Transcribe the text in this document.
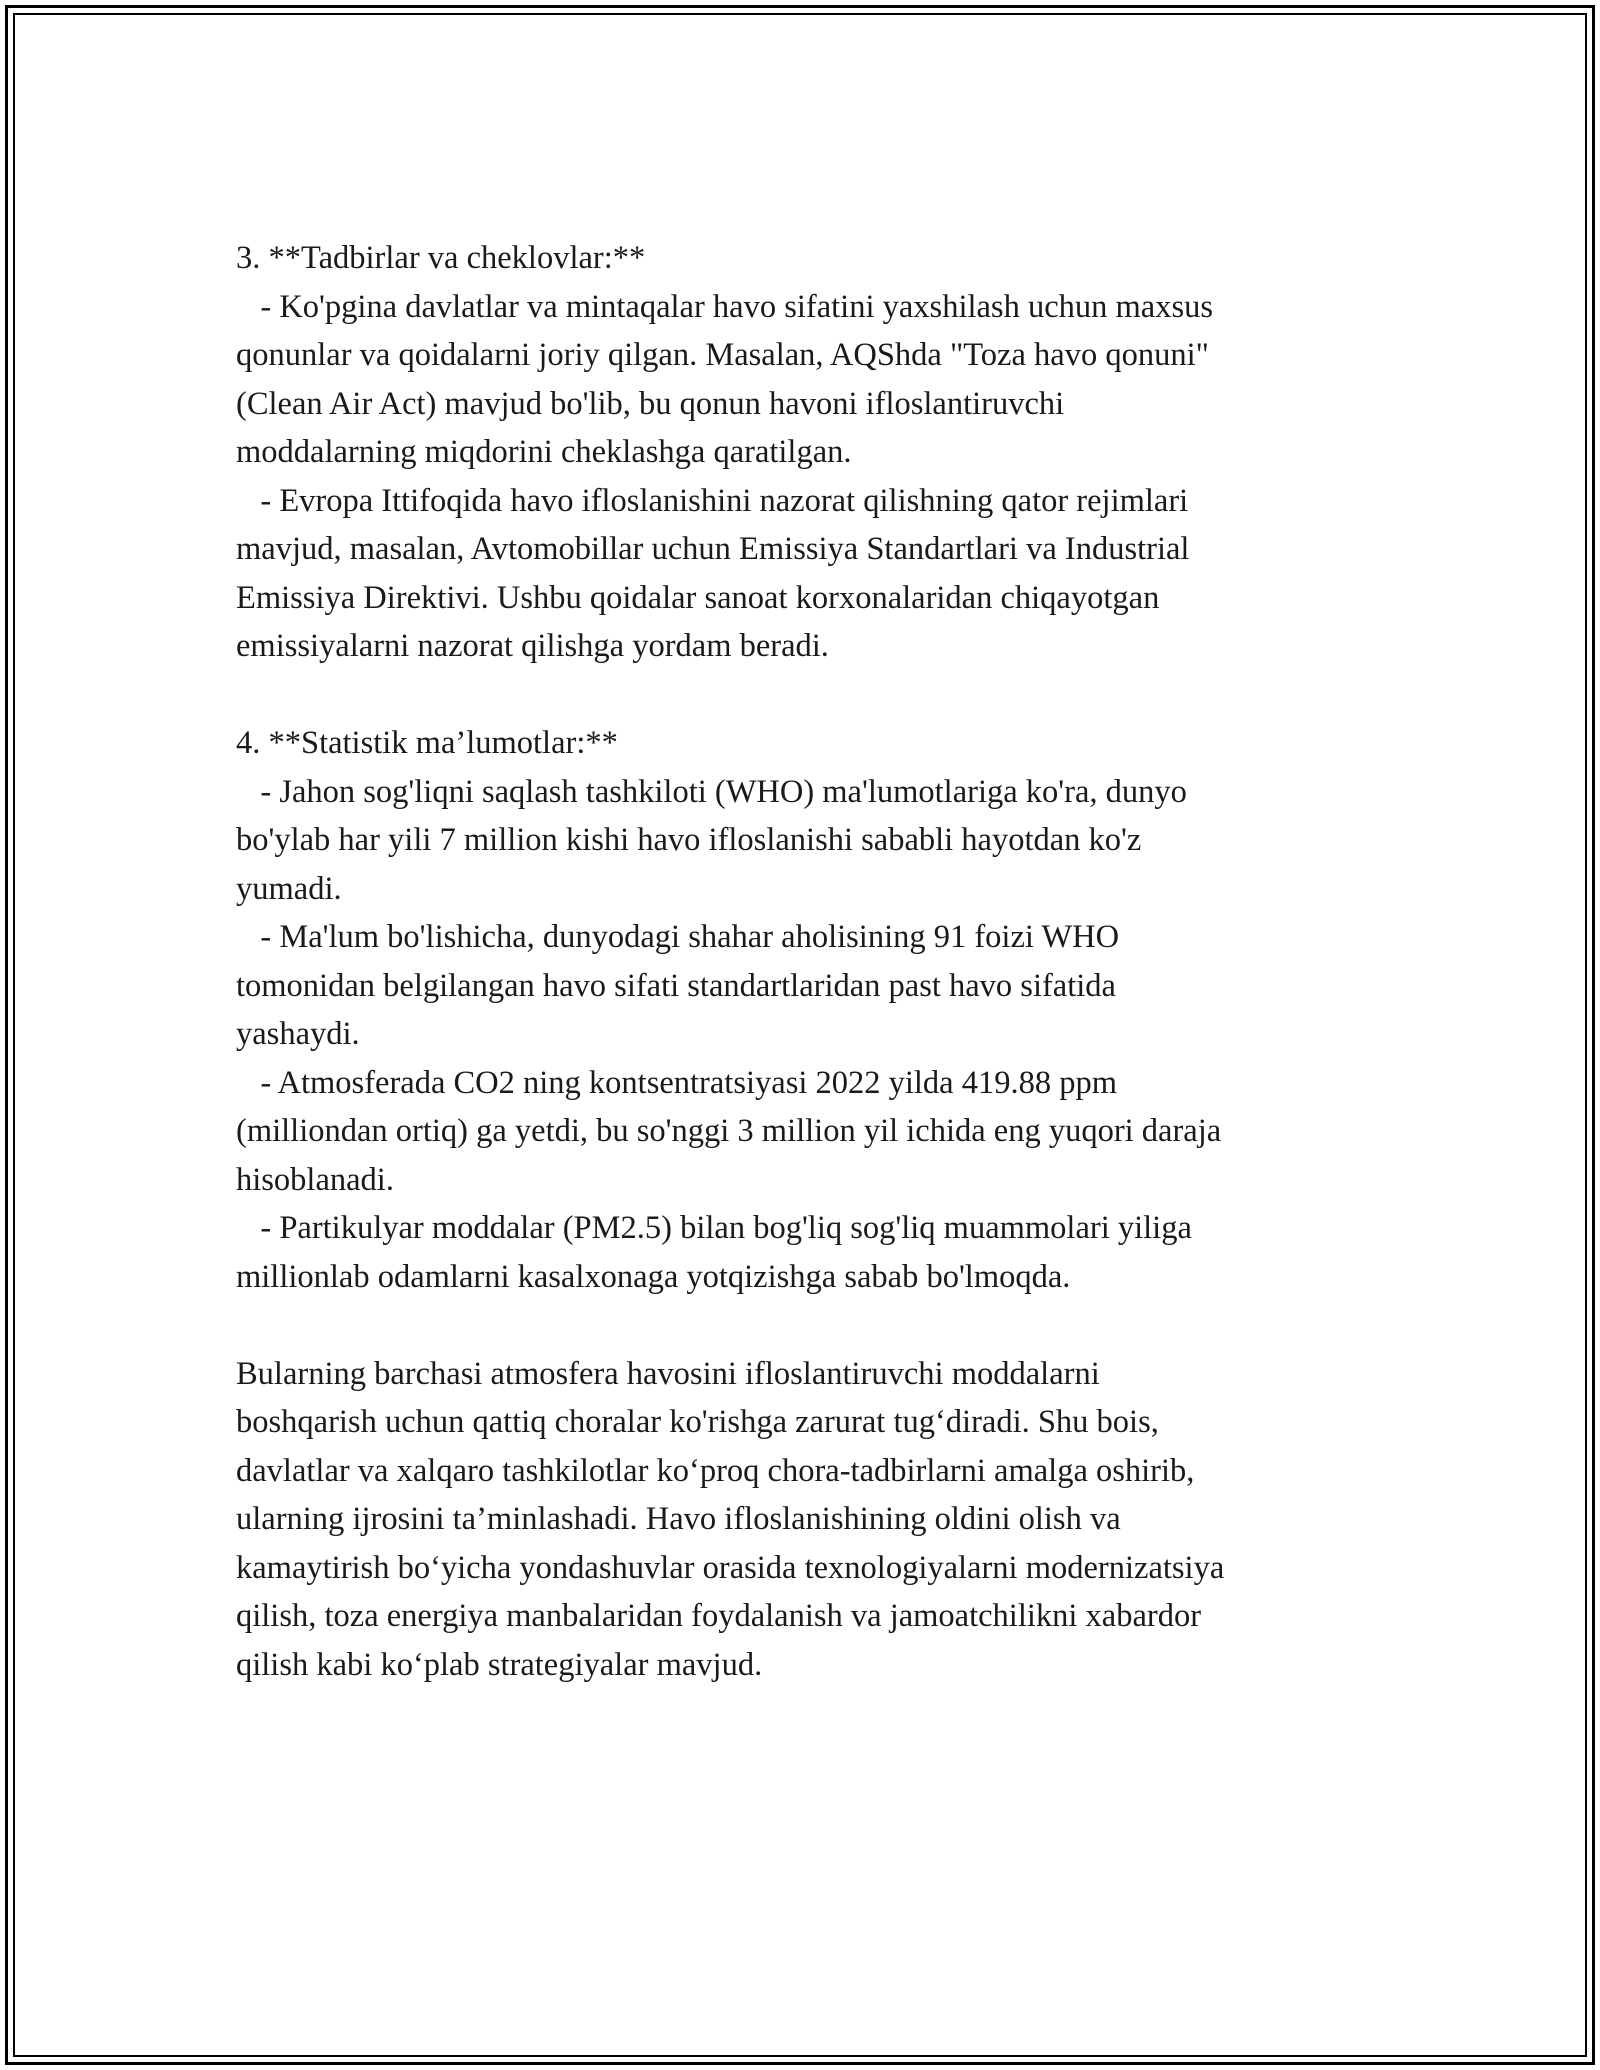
3. **Tadbirlar va cheklovlar:**
- Ko'pgina davlatlar va mintaqalar havo sifatini yaxshilash uchun maxsus
qonunlar va qoidalarni joriy qilgan. Masalan, AQShda "Toza havo qonuni"
(Clean Air Act) mavjud bo'lib, bu qonun havoni ifloslantiruvchi
moddalarning miqdorini cheklashga qaratilgan.
- Evropa Ittifoqida havo ifloslanishini nazorat qilishning qator rejimlari
mavjud, masalan, Avtomobillar uchun Emissiya Standartlari va Industrial
Emissiya Direktivi. Ushbu qoidalar sanoat korxonalaridan chiqayotgan
emissiyalarni nazorat qilishga yordam beradi.
4. **Statistik ma’lumotlar:**
- Jahon sog'liqni saqlash tashkiloti (WHO) ma'lumotlariga ko'ra, dunyo
bo'ylab har yili 7 million kishi havo ifloslanishi sababli hayotdan ko'z
yumadi.
- Ma'lum bo'lishicha, dunyodagi shahar aholisining 91 foizi WHO
tomonidan belgilangan havo sifati standartlaridan past havo sifatida
yashaydi.
- Atmosferada CO2 ning kontsentratsiyasi 2022 yilda 419.88 ppm
(milliondan ortiq) ga yetdi, bu so'nggi 3 million yil ichida eng yuqori daraja
hisoblanadi.
- Partikulyar moddalar (PM2.5) bilan bog'liq sog'liq muammolari yiliga
millionlab odamlarni kasalxonaga yotqizishga sabab bo'lmoqda.
Bularning barchasi atmosfera havosini ifloslantiruvchi moddalarni
boshqarish uchun qattiq choralar ko'rishga zarurat tug‘diradi. Shu bois,
davlatlar va xalqaro tashkilotlar ko‘proq chora-tadbirlarni amalga oshirib,
ularning ijrosini ta’minlashadi. Havo ifloslanishining oldini olish va
kamaytirish bo‘yicha yondashuvlar orasida texnologiyalarni modernizatsiya
qilish, toza energiya manbalaridan foydalanish va jamoatchilikni xabardor
qilish kabi ko‘plab strategiyalar mavjud.
